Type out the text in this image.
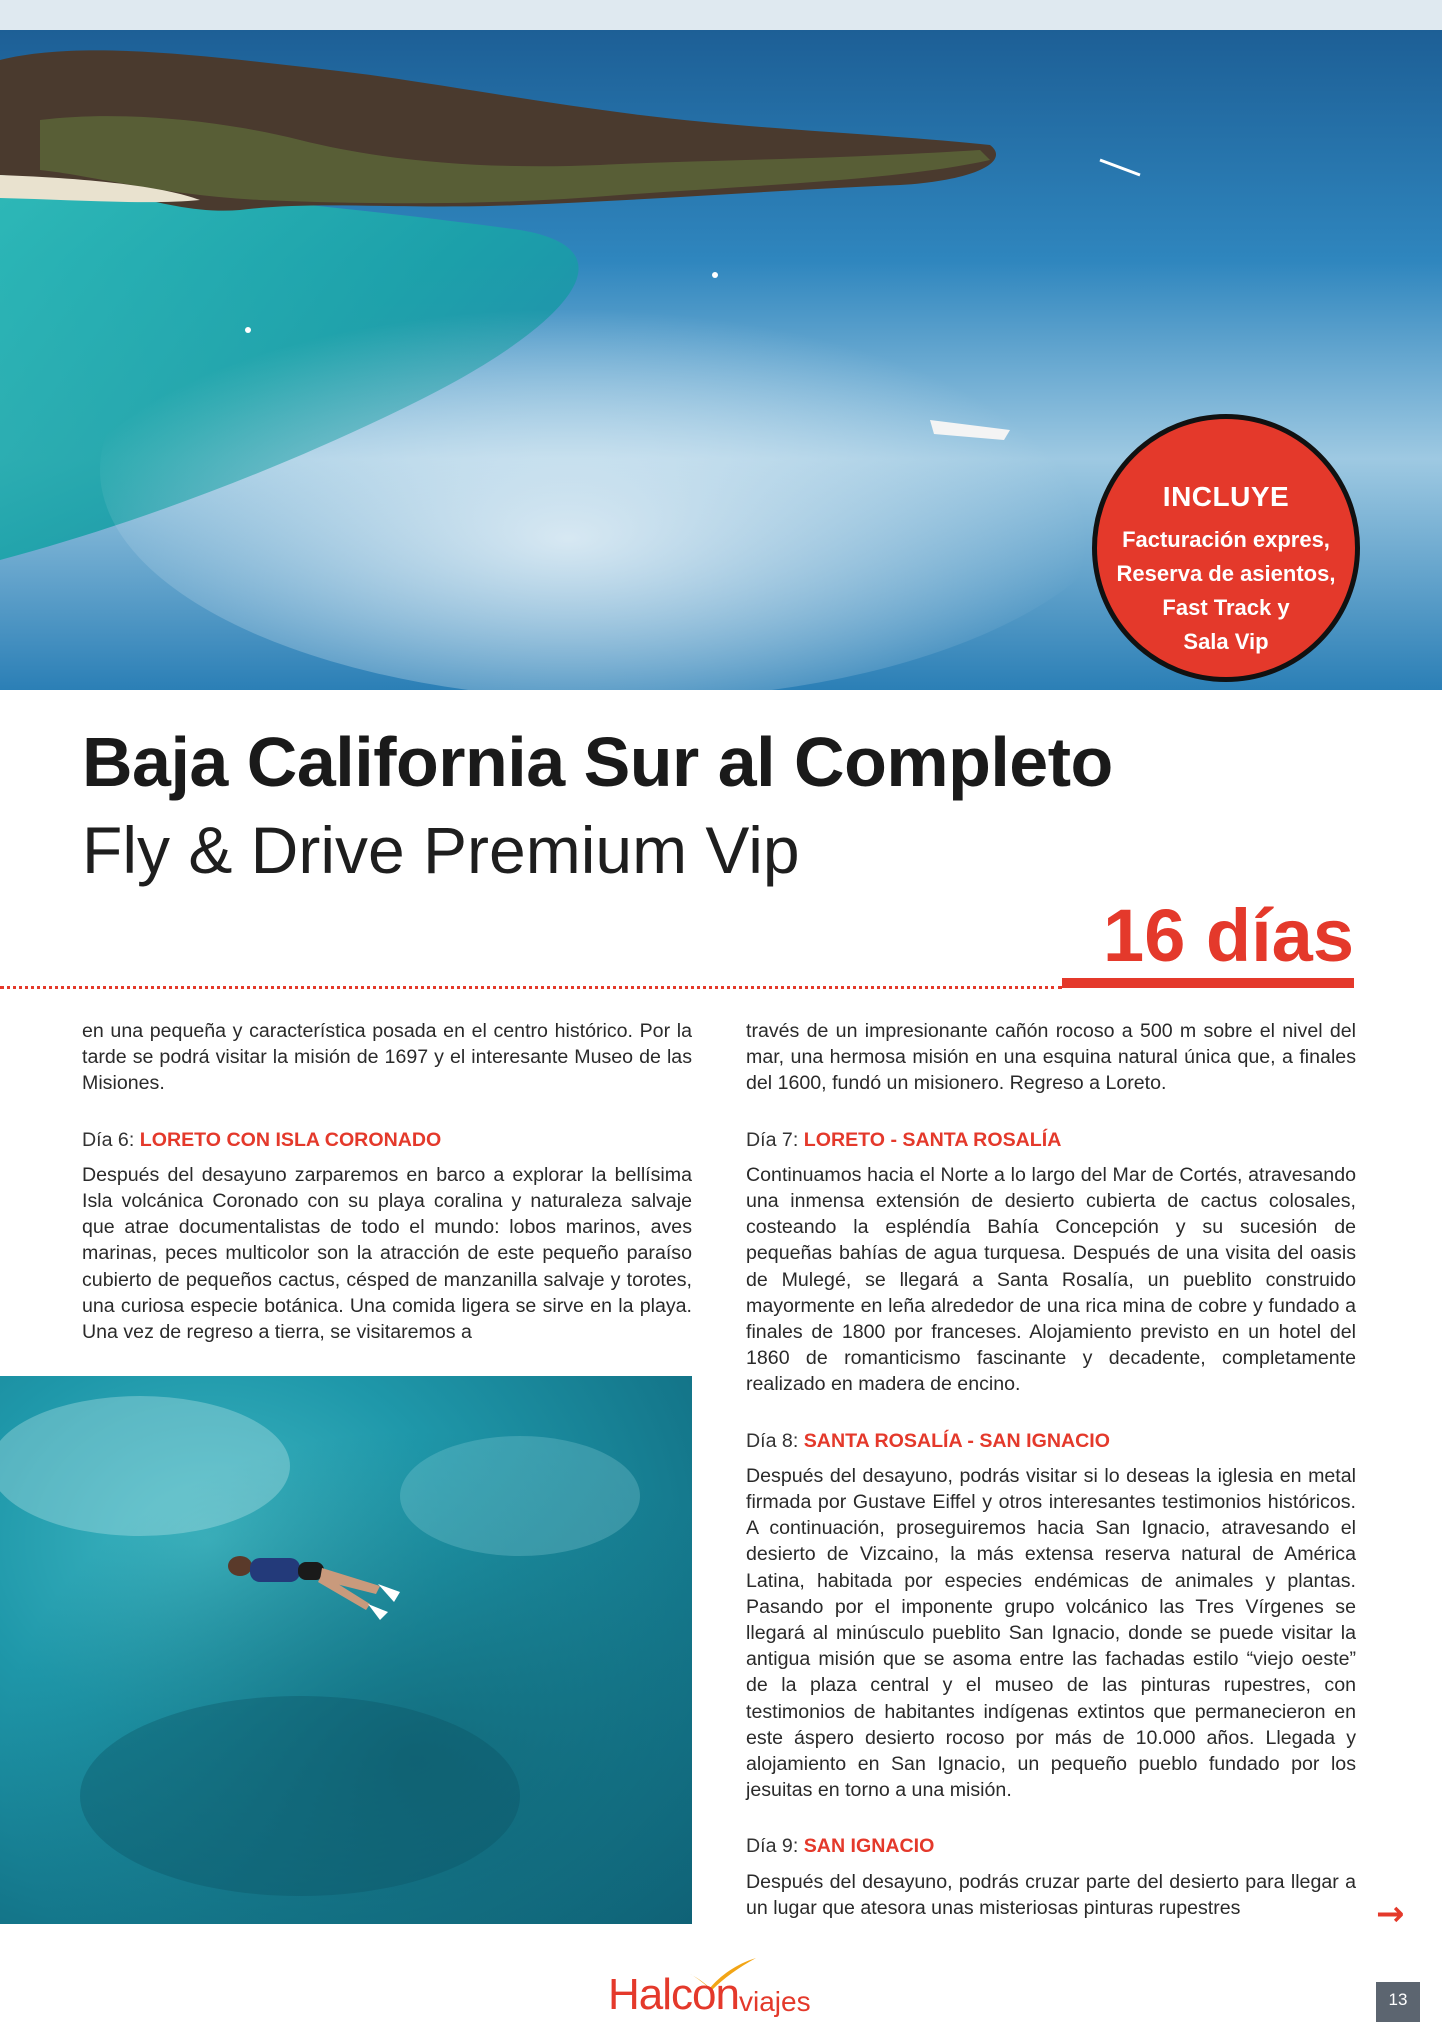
INCLUYE
Facturación expres,
Reserva de asientos,
Fast Track y
Sala Vip
Baja California Sur al Completo
Fly & Drive Premium Vip
16 días

en una pequeña y característica posada en el centro histórico. Por la tarde se podrá visitar la misión de 1697 y el interesante Museo de las Misiones.

Día 6: LORETO CON ISLA CORONADO

Después del desayuno zarparemos en barco a explorar la bellísima Isla volcánica Coronado con su playa coralina y naturaleza salvaje que atrae documentalistas de todo el mundo: lobos marinos, aves marinas, peces multicolor son la atracción de este pequeño paraíso cubierto de pequeños cactus, césped de manzanilla salvaje y torotes, una curiosa especie botánica. Una comida ligera se sirve en la playa. Una vez de regreso a tierra, se visitaremos a

través de un impresionante cañón rocoso a 500 m sobre el nivel del mar, una hermosa misión en una esquina natural única que, a finales del 1600, fundó un misionero. Regreso a Loreto.

Día 7: LORETO - SANTA ROSALÍA

Continuamos hacia el Norte a lo largo del Mar de Cortés, atravesando una inmensa extensión de desierto cubierta de cactus colosales, costeando la espléndía Bahía Concepción y su sucesión de pequeñas bahías de agua turquesa. Después de una visita del oasis de Mulegé, se llegará a Santa Rosalía, un pueblito construido mayormente en leña alrededor de una rica mina de cobre y fundado a finales de 1800 por franceses. Alojamiento previsto en un hotel del 1860 de romanticismo fascinante y decadente, completamente realizado en madera de encino.

Día 8: SANTA ROSALÍA - SAN IGNACIO

Después del desayuno, podrás visitar si lo deseas la iglesia en metal firmada por Gustave Eiffel y otros interesantes testimonios históricos. A continuación, proseguiremos hacia San Ignacio, atravesando el desierto de Vizcaino, la más extensa reserva natural de América Latina, habitada por especies endémicas de animales y plantas. Pasando por el imponente grupo volcánico las Tres Vírgenes se llegará al minúsculo pueblito San Ignacio, donde se puede visitar la antigua misión que se asoma entre las fachadas estilo “viejo oeste” de la plaza central y el museo de las pinturas rupestres, con testimonios de habitantes indígenas extintos que permanecieron en este áspero desierto rocoso por más de 10.000 años. Llegada y alojamiento en San Ignacio, un pequeño pueblo fundado por los jesuitas en torno a una misión.

Día 9: SAN IGNACIO

Después del desayuno, podrás cruzar parte del desierto para llegar a un lugar que atesora unas misteriosas pinturas rupestres	→
Halcon viajes	13
